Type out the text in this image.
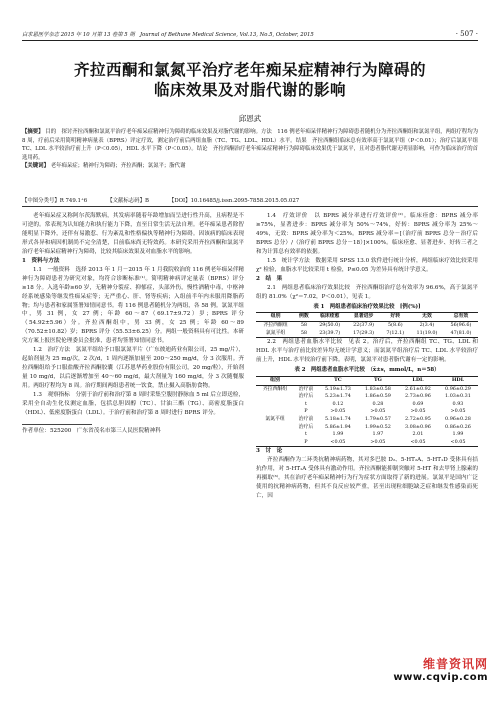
白求恩医学杂志 2015 年 10 月第 13 卷第 5 期　Journal of Bethune Medical Science, Vol.13, No.5, October, 2015	· 507 ·
齐拉西酮和氯氮平治疗老年痴呆症精神行为障碍的
临床效果及对脂代谢的影响
邱恩武
【摘要】 目的　探讨齐拉西酮和氯氮平治疗老年痴呆症精神行为障碍的临床效果及对脂代谢的影响。方法　116 例老年痴呆伴精神行为障碍患者随机分为齐拉西酮组和氯氮平组，两组疗程均为 8 周，疗前后采用简明精神病量表（BPRS）评定疗效，测定治疗前后两组血脂（TC、TG、LDL、HDL）水平。结果　齐拉西酮组临床总有效率高于氯氮平组（P＜0.01）；治疗后氯氮平组 TC、LDL 水平较治疗前上升（P＜0.05），HDL 水平下降（P＜0.05）。结论　齐拉西酮治疗老年痴呆症精神行为障碍临床效果优于氯氮平，且对患者脂代谢无明显影响，可作为临床治疗的首选用药。
【关键词】 老年痴呆症；精神行为障碍；齐拉西酮；氯氮平；脂代谢
【中图分类号】R 749.1⁺6	【文献标志码】B	【DOI】10.16485/j.issn.2095-7858.2015.05.027

老年痴呆症又称阿尔茨海默病，其发病率随着年龄增加而呈进行性升高，且病程是不可逆的。常表现为认知能力和执行能力下降，直至日常生活无法自理。老年痴呆患者除智能明显下降外，还伴有易激惹、行为紊乱和性格偏执等精神行为障碍。因该病的临床表现形式各异和病因机制尚不完全清楚，目前临床尚无特效药。本研究采用齐拉西酮和氯氮平治疗老年痴呆症精神行为障碍，比较其临床效果及对血脂水平的影响。

1　资料与方法

1.1　一般资料　选择 2013 年 1 月－2015 年 1 月我院收治的 116 例老年痴呆伴精神行为障碍患者为研究对象，均符合诊断标准⁽¹⁾。简明精神病评定量表（BPRS）评分≥18 分。入选年龄≥60 岁，无精神分裂症、抑郁症，头部外伤，慢性酒精中毒，中枢神经系统感染等继发性痴呆症等；无严重心、肝、肾等疾病；入组前半年内未服用降脂药物；均与患者和家属签署知情同意书。将 116 例患者随机分为两组，各 58 例。氯氮平组中，男 31 例，女 27 例；年龄 60～87（69.17±9.72）岁；BPRS 评分（54.92±5.96）分。齐拉西酮组中，男 33 例，女 25 例；年龄 60～89（70.52±10.82）岁；BPRS 评分（55.53±6.25）分。两组一般资料具有可比性。本研究方案上报医院伦理委员会批准，患者均签署知情同意书。

1.2　治疗方法　氯氮平组给予口服氯氮平片（广东彼迪药业有限公司，25 mg/片），起始剂量为 25 mg/次，2 次/d，1 周内逐渐加量至 200～250 mg/d，分 3 次服用。齐拉西酮组给予口服盐酸齐拉西酮胶囊（江苏恩华药业股份有限公司，20 mg/粒），开始剂量 10 mg/d，以后逐渐增加至 40～60 mg/d，最大剂量为 160 mg/d，分 3 次随餐服用。两组疗程均为 8 周。治疗期间两组患者统一饮食，禁止摄入高脂肪食物。

1.3　观察指标　分别于治疗前和治疗第 8 周时采集空腹肘静脉血 5 ml 后立即送检，采用全自动生化仪测定血脂，包括总胆固醇（TC）、甘油三酯（TG）、高密度脂蛋白（HDL）、低密度脂蛋白（LDL）。于治疗前和治疗第 8 周时进行 BPRS 评分。

作者单位：525200　广东省茂名市第三人民医院精神科

1.4　疗效评价　以 BPRS 减分率进行疗效评价⁽²⁾。临床痊愈：BPRS 减分率≥75%，显著进步：BPRS 减分率为 50%～74%，好转：BPRS 减分率为 25%～49%，无效：BPRS 减分率为＜25%。BPRS 减分率＝[（治疗前 BPRS 总分－治疗后 BPRS 总分）/（治疗前 BPRS 总分－18）]×100%。临床痊愈、显著进步、好转三者之和为计算总有效率的依据。

1.5　统计学方法　数据采用 SPSS 13.0 软件进行统计分析，两组临床疗效比较采用 χ² 检验，血脂水平比较采用 t 检验，P≤0.05 为差异具有统计学意义。

2　结　果

2.1　两组患者临床治疗效果比较　齐拉西酮组治疗总有效率为 96.6%，高于氯氮平组的 81.0%（χ²＝7.02，P＜0.01），见表 1。

表 1　两组患者临床治疗效果比较　[例(%)]
组别	例数	临床痊愈	显著进步	好转	无效	总有效
齐拉西酮组	58	29(50.0)	22(37.9)	5(8.6)	2(3.4)	56(96.6)
氯氮平组	58	23(39.7)	17(29.3)	7(12.1)	11(19.0)	47(81.0)

2.2　两组患者血脂水平比较　见表 2。治疗后，齐拉西酮组 TC、TG、LDL 和 HDL 水平与治疗前比较差异均无统计学意义；而氯氮平组治疗后 TC、LDL 水平较治疗前上升，HDL 水平较治疗前下降。表明，氯氮平对患者脂代谢有一定的影响。

表 2　两组患者血脂水平比较　（x̄±s，mmol/L，n＝58）
组别		TC	TG	LDL	HDL
齐拉西酮组	治疗前	5.19±1.73	1.83±0.58	2.61±0.92	0.96±0.29
	治疗后	5.23±1.74	1.86±0.59	2.73±0.96	1.03±0.31
	t	0.12	0.28	0.69	0.93
	P	>0.05	>0.05	>0.05	>0.05
氯氮平组	治疗前	5.18±1.74	1.79±0.57	2.72±0.95	0.96±0.28
	治疗后	5.86±1.94	1.99±0.52	3.08±0.96	0.86±0.26
	t	1.99	1.97	2.01	1.99
	P	<0.05	>0.05	<0.05	<0.05

3　讨　论

齐拉西酮作为二环类抗精神病药物，其对多巴胺 D₂、5-HT₂A、5-HT₁D 受体具有拮抗作用，对 5-HT₁A 受体具有激动作用。齐拉西酮能抑制突触对 5-HT 和去甲肾上腺素的再摄取⁽³⁾。其在治疗老年痴呆精神行为行为症状方面取得了新的进展。氯氮平是国内广泛使用的抗精神病药物，但其不良反应较严重，甚至出现粒细胞缺乏症和继发性感染而死亡，因

维普资讯网
www.cqvip.com
